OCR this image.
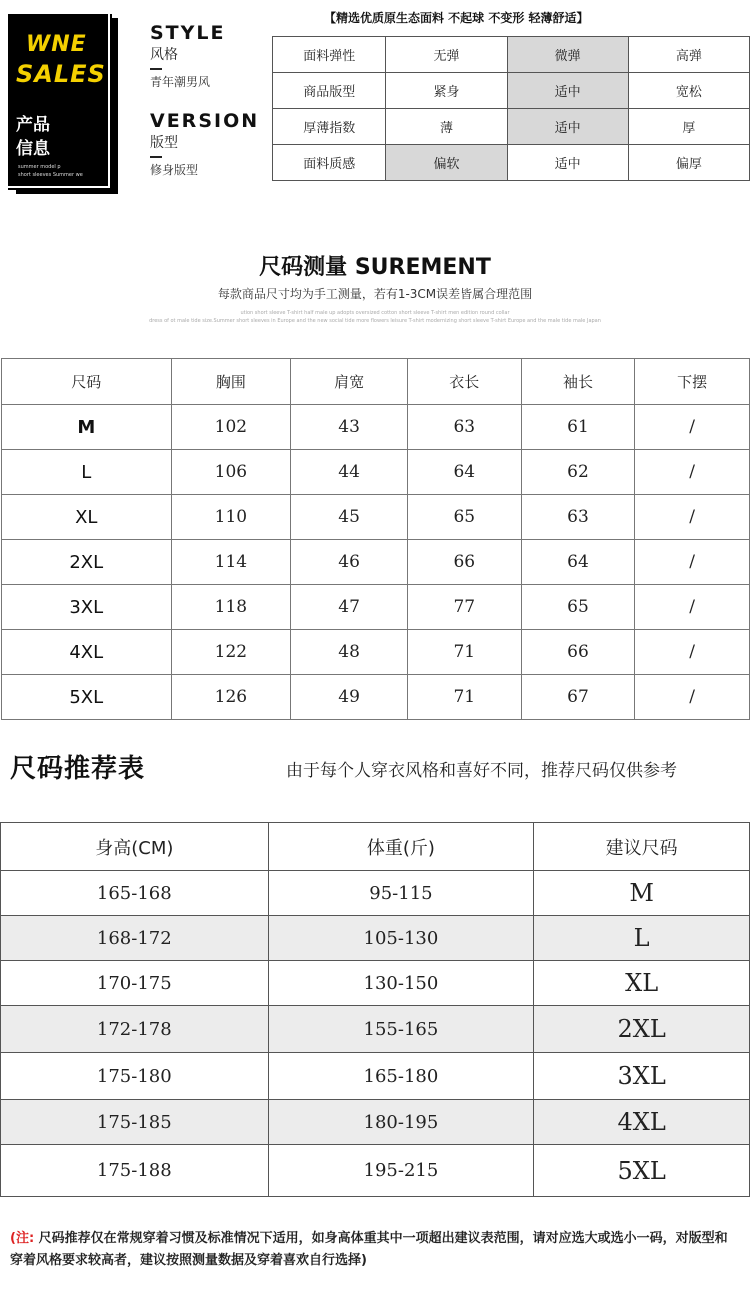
WNE
SALES
产品
信息
summer model p
short sleeves Summer we
STYLE
风格
青年潮男风
VERSION
版型
修身版型
【精选优质原生态面料 不起球 不变形 轻薄舒适】
面料弹性	无弹	微弹	高弹
商品版型	紧身	适中	宽松
厚薄指数	薄	适中	厚
面料质感	偏软	适中	偏厚
尺码测量 SUREMENT
每款商品尺寸均为手工测量，若有1-3CM误差皆属合理范围
ution short sleeve T-shirt half male up adopts oversized cotton short sleeve T-shirt men edition round collar
dress of ot male tide size.Summer short sleeves in Europe and the new social tide more flowers leisure T-shirt modernizing short sleeve T-shirt Europe and the male tide male Japan
尺码	胸围	肩宽	衣长	袖长	下摆
M	102	43	63	61	/
L	106	44	64	62	/
XL	110	45	65	63	/
2XL	114	46	66	64	/
3XL	118	47	77	65	/
4XL	122	48	71	66	/
5XL	126	49	71	67	/
尺码推荐表	由于每个人穿衣风格和喜好不同，推荐尺码仅供参考
身高(CM)	体重(斤)	建议尺码
165-168	95-115	M
168-172	105-130	L
170-175	130-150	XL
172-178	155-165	2XL
175-180	165-180	3XL
175-185	180-195	4XL
175-188	195-215	5XL
(注: 尺码推荐仅在常规穿着习惯及标准情况下适用，如身高体重其中一项超出建议表范围，请对应选大或选小一码，对版型和穿着风格要求较高者，建议按照测量数据及穿着喜欢自行选择)
